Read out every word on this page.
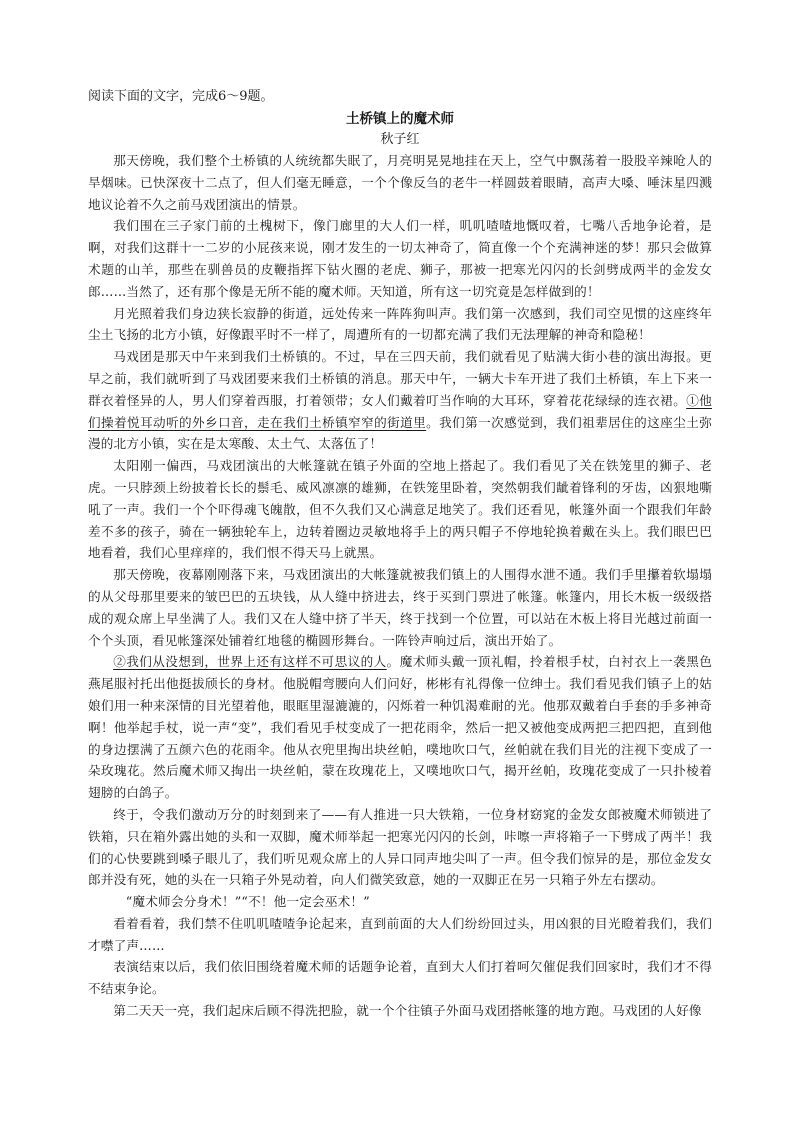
阅读下面的文字，完成6～9题。

土桥镇上的魔术师

秋子红

那天傍晚，我们整个土桥镇的人统统都失眠了，月亮明晃晃地挂在天上，空气中飘荡着一股股辛辣呛人的旱烟味。已快深夜十二点了，但人们毫无睡意，一个个像反刍的老牛一样圆鼓着眼睛，高声大嗓、唾沫星四溅地议论着不久之前马戏团演出的情景。

我们围在三子家门前的土槐树下，像门廊里的大人们一样，叽叽喳喳地慨叹着，七嘴八舌地争论着，是啊，对我们这群十一二岁的小屁孩来说，刚才发生的一切太神奇了，简直像一个个充满神迷的梦！那只会做算术题的山羊，那些在驯兽员的皮鞭指挥下钻火圈的老虎、狮子，那被一把寒光闪闪的长剑劈成两半的金发女郎……当然了，还有那个像是无所不能的魔术师。天知道，所有这一切究竟是怎样做到的！

月光照着我们身边狭长寂静的街道，远处传来一阵阵狗叫声。我们第一次感到，我们司空见惯的这座终年尘土飞扬的北方小镇，好像跟平时不一样了，周遭所有的一切都充满了我们无法理解的神奇和隐秘！

马戏团是那天中午来到我们土桥镇的。不过，早在三四天前，我们就看见了贴满大街小巷的演出海报。更早之前，我们就听到了马戏团要来我们土桥镇的消息。那天中午，一辆大卡车开进了我们土桥镇，车上下来一群衣着怪异的人，男人们穿着西服，打着领带；女人们戴着叮当作响的大耳环，穿着花花绿绿的连衣裙。①他们操着悦耳动听的外乡口音，走在我们土桥镇窄窄的街道里。我们第一次感觉到，我们祖辈居住的这座尘土弥漫的北方小镇，实在是太寒酸、太土气、太落伍了！

太阳刚一偏西，马戏团演出的大帐篷就在镇子外面的空地上搭起了。我们看见了关在铁笼里的狮子、老虎。一只脖颈上纷披着长长的鬃毛、威风凛凛的雄狮，在铁笼里卧着，突然朝我们龇着锋利的牙齿，凶狠地嘶吼了一声。我们一个个吓得魂飞魄散，但不久我们又心满意足地笑了。我们还看见，帐篷外面一个跟我们年龄差不多的孩子，骑在一辆独轮车上，边转着圈边灵敏地将手上的两只帽子不停地轮换着戴在头上。我们眼巴巴地看着，我们心里痒痒的，我们恨不得天马上就黑。

那天傍晚，夜幕刚刚落下来，马戏团演出的大帐篷就被我们镇上的人围得水泄不通。我们手里攥着软塌塌的从父母那里要来的皱巴巴的五块钱，从人缝中挤进去，终于买到门票进了帐篷。帐篷内，用长木板一级级搭成的观众席上早坐满了人。我们又在人缝中挤了半天，终于找到一个位置，可以站在木板上将目光越过前面一个个头顶，看见帐篷深处铺着红地毯的椭圆形舞台。一阵铃声响过后，演出开始了。

②我们从没想到，世界上还有这样不可思议的人。魔术师头戴一顶礼帽，拎着根手杖，白衬衣上一袭黑色燕尾服衬托出他挺拔颀长的身材。他脱帽弯腰向人们问好，彬彬有礼得像一位绅士。我们看见我们镇子上的姑娘们用一种来深情的目光望着他，眼眶里湿漉漉的，闪烁着一种饥渴难耐的光。他那双戴着白手套的手多神奇啊！他举起手杖，说一声“变”，我们看见手杖变成了一把花雨伞，然后一把又被他变成两把三把四把，直到他的身边摆满了五颜六色的花雨伞。他从衣兜里掏出块丝帕，噗地吹口气，丝帕就在我们目光的注视下变成了一朵玫瑰花。然后魔术师又掏出一块丝帕，蒙在玫瑰花上，又噗地吹口气，揭开丝帕，玫瑰花变成了一只扑棱着翅膀的白鸽子。

终于，令我们激动万分的时刻到来了——有人推进一只大铁箱，一位身材窈窕的金发女郎被魔术师锁进了铁箱，只在箱外露出她的头和一双脚，魔术师举起一把寒光闪闪的长剑，咔嚓一声将箱子一下劈成了两半！我们的心快要跳到嗓子眼儿了，我们听见观众席上的人异口同声地尖叫了一声。但令我们惊异的是，那位金发女郎并没有死，她的头在一只箱子外晃动着，向人们微笑致意，她的一双脚正在另一只箱子外左右摆动。

“魔术师会分身术！”“不！他一定会巫术！”

看着看着，我们禁不住叽叽喳喳争论起来，直到前面的大人们纷纷回过头，用凶狠的目光瞪着我们，我们才噤了声……

表演结束以后，我们依旧围绕着魔术师的话题争论着，直到大人们打着呵欠催促我们回家时，我们才不得不结束争论。

第二天天一亮，我们起床后顾不得洗把脸，就一个个往镇子外面马戏团搭帐篷的地方跑。马戏团的人好像
